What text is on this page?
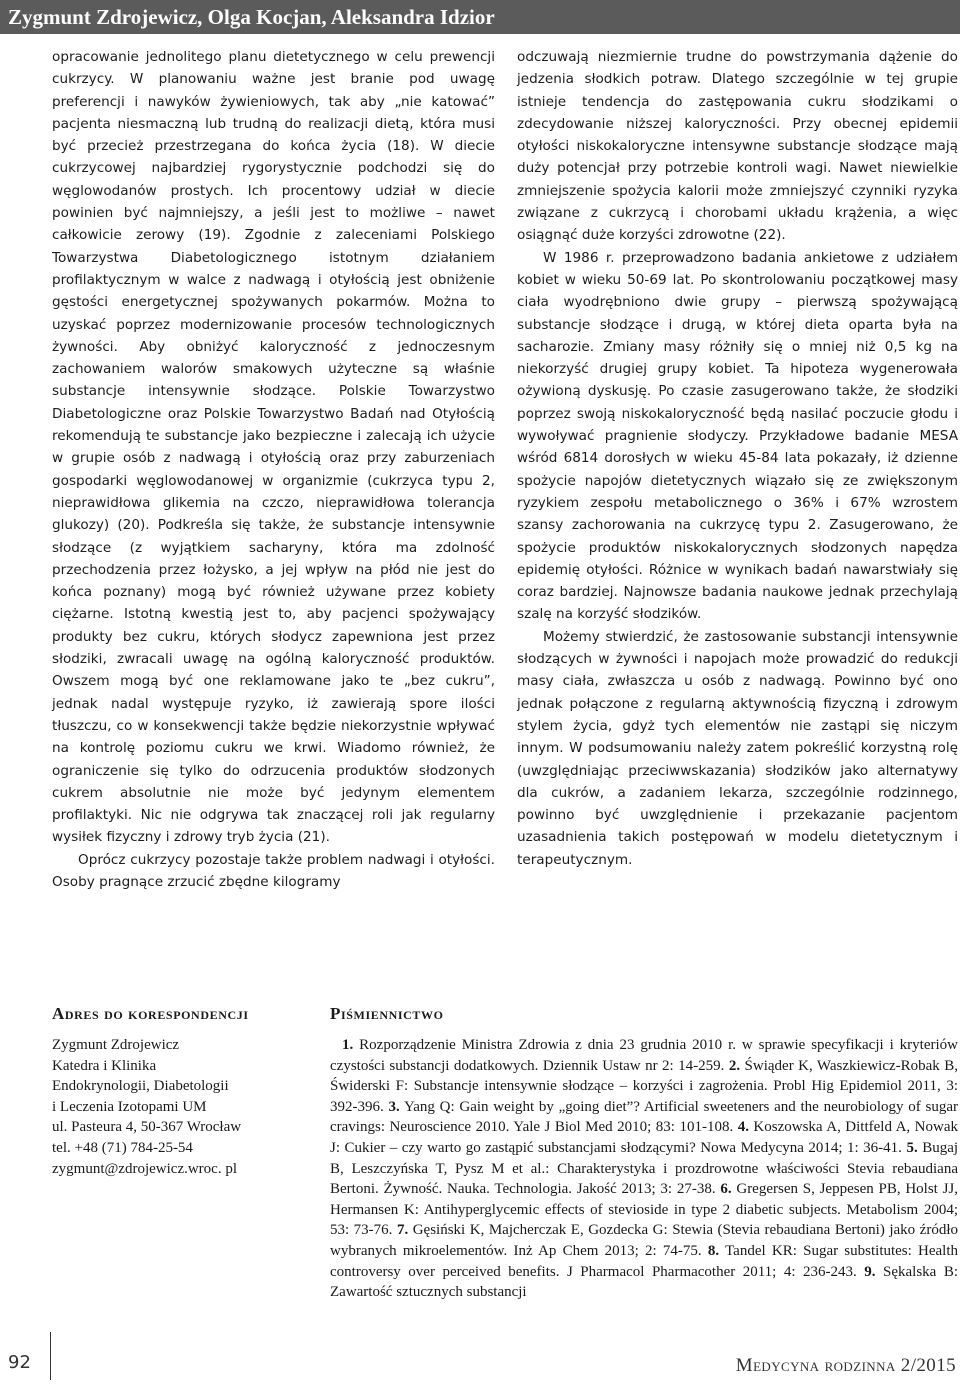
Zygmunt Zdrojewicz, Olga Kocjan, Aleksandra Idzior

opracowanie jednolitego planu dietetycznego w celu prewencji cukrzycy. W planowaniu ważne jest branie pod uwagę preferencji i nawyków żywieniowych, tak aby „nie katować” pacjenta niesmaczną lub trudną do realizacji dietą, która musi być przecież przestrzegana do końca życia (18). W diecie cukrzycowej najbardziej rygorystycznie podchodzi się do węglowodanów prostych. Ich procentowy udział w diecie powinien być najmniejszy, a jeśli jest to możliwe – nawet całkowicie zerowy (19). Zgodnie z zaleceniami Polskiego Towarzystwa Diabetologicznego istotnym działaniem profilaktycznym w walce z nadwagą i otyłością jest obniżenie gęstości energetycznej spożywanych pokarmów. Można to uzyskać poprzez modernizowanie procesów technologicznych żywności. Aby obniżyć kaloryczność z jednoczesnym zachowaniem walorów smakowych użyteczne są właśnie substancje intensywnie słodzące. Polskie Towarzystwo Diabetologiczne oraz Polskie Towarzystwo Badań nad Otyłością rekomendują te substancje jako bezpieczne i zalecają ich użycie w grupie osób z nadwagą i otyłością oraz przy zaburzeniach gospodarki węglowodanowej w organizmie (cukrzyca typu 2, nieprawidłowa glikemia na czczo, nieprawidłowa tolerancja glukozy) (20). Podkreśla się także, że substancje intensywnie słodzące (z wyjątkiem sacharyny, która ma zdolność przechodzenia przez łożysko, a jej wpływ na płód nie jest do końca poznany) mogą być również używane przez kobiety ciężarne. Istotną kwestią jest to, aby pacjenci spożywający produkty bez cukru, których słodycz zapewniona jest przez słodziki, zwracali uwagę na ogólną kaloryczność produktów. Owszem mogą być one reklamowane jako te „bez cukru”, jednak nadal występuje ryzyko, iż zawierają spore ilości tłuszczu, co w konsekwencji także będzie niekorzystnie wpływać na kontrolę poziomu cukru we krwi. Wiadomo również, że ograniczenie się tylko do odrzucenia produktów słodzonych cukrem absolutnie nie może być jedynym elementem profilaktyki. Nic nie odgrywa tak znaczącej roli jak regularny wysiłek fizyczny i zdrowy tryb życia (21).

Oprócz cukrzycy pozostaje także problem nadwagi i otyłości. Osoby pragnące zrzucić zbędne kilogramy

odczuwają niezmiernie trudne do powstrzymania dążenie do jedzenia słodkich potraw. Dlatego szczególnie w tej grupie istnieje tendencja do zastępowania cukru słodzikami o zdecydowanie niższej kaloryczności. Przy obecnej epidemii otyłości niskokaloryczne intensywne substancje słodzące mają duży potencjał przy potrzebie kontroli wagi. Nawet niewielkie zmniejszenie spożycia kalorii może zmniejszyć czynniki ryzyka związane z cukrzycą i chorobami układu krążenia, a więc osiągnąć duże korzyści zdrowotne (22).

W 1986 r. przeprowadzono badania ankietowe z udziałem kobiet w wieku 50-69 lat. Po skontrolowaniu początkowej masy ciała wyodrębniono dwie grupy – pierwszą spożywającą substancje słodzące i drugą, w której dieta oparta była na sacharozie. Zmiany masy różniły się o mniej niż 0,5 kg na niekorzyść drugiej grupy kobiet. Ta hipoteza wygenerowała ożywioną dyskusję. Po czasie zasugerowano także, że słodziki poprzez swoją niskokaloryczność będą nasilać poczucie głodu i wywoływać pragnienie słodyczy. Przykładowe badanie MESA wśród 6814 dorosłych w wieku 45-84 lata pokazały, iż dzienne spożycie napojów dietetycznych wiązało się ze zwiększonym ryzykiem zespołu metabolicznego o 36% i 67% wzrostem szansy zachorowania na cukrzycę typu 2. Zasugerowano, że spożycie produktów niskokalorycznych słodzonych napędza epidemię otyłości. Różnice w wynikach badań nawarstwiały się coraz bardziej. Najnowsze badania naukowe jednak przechylają szalę na korzyść słodzików.

Możemy stwierdzić, że zastosowanie substancji intensywnie słodzących w żywności i napojach może prowadzić do redukcji masy ciała, zwłaszcza u osób z nadwagą. Powinno być ono jednak połączone z regularną aktywnością fizyczną i zdrowym stylem życia, gdyż tych elementów nie zastąpi się niczym innym. W podsumowaniu należy zatem pokreślić korzystną rolę (uwzględniając przeciwwskazania) słodzików jako alternatywy dla cukrów, a zadaniem lekarza, szczególnie rodzinnego, powinno być uwzględnienie i przekazanie pacjentom uzasadnienia takich postępowań w modelu dietetycznym i terapeutycznym.

Adres do korespondencji
Zygmunt Zdrojewicz
Katedra i Klinika
Endokrynologii, Diabetologii
i Leczenia Izotopami UM
ul. Pasteura 4, 50-367 Wrocław
tel. +48 (71) 784-25-54
zygmunt@zdrojewicz.wroc. pl
Piśmiennictwo

1. Rozporządzenie Ministra Zdrowia z dnia 23 grudnia 2010 r. w sprawie specyfikacji i kryteriów czystości substancji dodatkowych. Dziennik Ustaw nr 2: 14-259. 2. Świąder K, Waszkiewicz-Robak B, Świderski F: Substancje intensywnie słodzące – korzyści i zagrożenia. Probl Hig Epidemiol 2011, 3: 392-396. 3. Yang Q: Gain weight by „going diet”? Artificial sweeteners and the neurobiology of sugar cravings: Neuroscience 2010. Yale J Biol Med 2010; 83: 101-108. 4. Koszowska A, Dittfeld A, Nowak J: Cukier – czy warto go zastąpić substancjami słodzącymi? Nowa Medycyna 2014; 1: 36-41. 5. Bugaj B, Leszczyńska T, Pysz M et al.: Charakterystyka i prozdrowotne właściwości Stevia rebaudiana Bertoni. Żywność. Nauka. Technologia. Jakość 2013; 3: 27-38. 6. Gregersen S, Jeppesen PB, Holst JJ, Hermansen K: Antihyperglycemic effects of stevioside in type 2 diabetic subjects. Metabolism 2004; 53: 73-76. 7. Gęsiński K, Majcherczak E, Gozdecka G: Stewia (Stevia rebaudiana Bertoni) jako źródło wybranych mikroelementów. Inż Ap Chem 2013; 2: 74-75. 8. Tandel KR: Sugar substitutes: Health controversy over perceived benefits. J Pharmacol Pharmacother 2011; 4: 236-243. 9. Sękalska B: Zawartość sztucznych substancji

92	Medycyna rodzinna 2/2015
